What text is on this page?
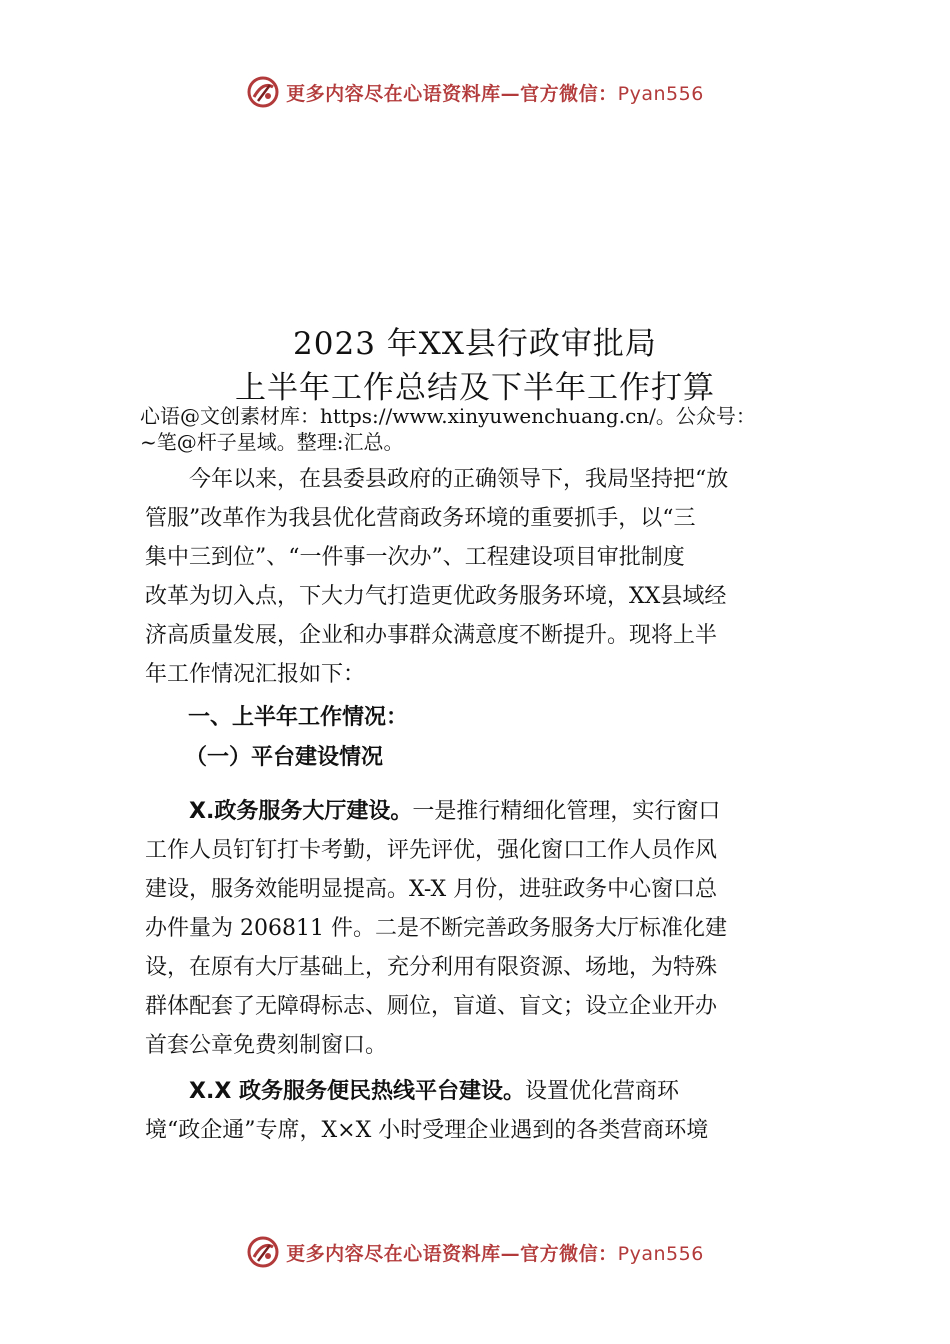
更多内容尽在心语资料库—官方微信：Pyan556
2023 年XX县行政审批局
上半年工作总结及下半年工作打算
心语@文创素材库：https://www.xinyuwenchuang.cn/。公众号：
~笔@杆子星域。整理:汇总。
今年以来，在县委县政府的正确领导下，我局坚持把“放
管服”改革作为我县优化营商政务环境的重要抓手，以“三
集中三到位”、“一件事一次办”、工程建设项目审批制度
改革为切入点，下大力气打造更优政务服务环境，XX县域经
济高质量发展，企业和办事群众满意度不断提升。现将上半
年工作情况汇报如下：
一、上半年工作情况：
（一）平台建设情况
X.政务服务大厅建设。一是推行精细化管理，实行窗口
工作人员钉钉打卡考勤，评先评优，强化窗口工作人员作风
建设，服务效能明显提高。X-X 月份，进驻政务中心窗口总
办件量为 206811 件。二是不断完善政务服务大厅标准化建
设，在原有大厅基础上，充分利用有限资源、场地，为特殊
群体配套了无障碍标志、厕位，盲道、盲文；设立企业开办
首套公章免费刻制窗口。
X.X 政务服务便民热线平台建设。设置优化营商环
境“政企通”专席，X×X 小时受理企业遇到的各类营商环境
更多内容尽在心语资料库—官方微信：Pyan556
